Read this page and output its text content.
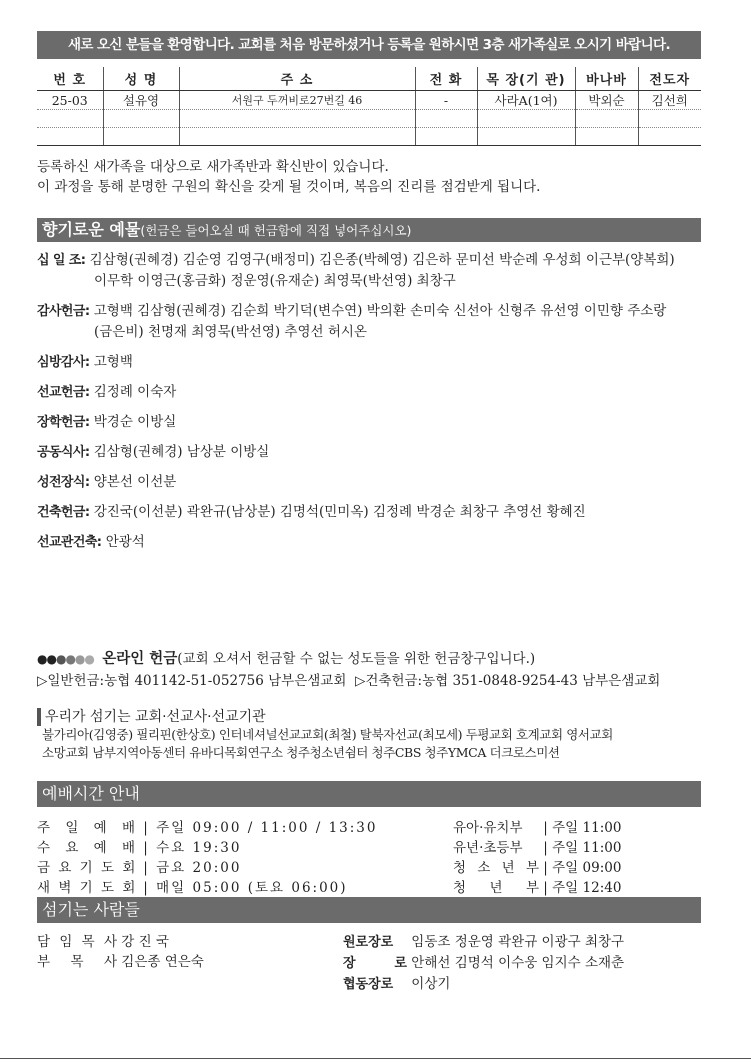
새로 오신 분들을 환영합니다. 교회를 처음 방문하셨거나 등록을 원하시면 3층 새가족실로 오시기 바랍니다.
번 호	성 명	주 소	전 화	목 장(기 관)	바나바	전도자
25-03	설유영	서원구 두꺼비로27번길 46	-	사라A(1여)	박외순	김선희

등록하신 새가족을 대상으로 새가족반과 확신반이 있습니다.
이 과정을 통해 분명한 구원의 확신을 갖게 될 것이며, 복음의 진리를 점검받게 됩니다.
향기로운 예물(헌금은 들어오실 때 헌금함에 직접 넣어주십시오)
십 일 조: 김삼형(권혜경) 김순영 김영구(배정미) 김은종(박혜영) 김은하 문미선 박순례 우성희 이근부(양복희)
이무학 이영근(홍금화) 정운영(유재순) 최영묵(박선영) 최창구
감사헌금: 고형백 김삼형(권혜경) 김순희 박기덕(변수연) 박의환 손미숙 신선아 신형주 유선영 이민향 주소랑
(금은비) 천명재 최영묵(박선영) 추영선 허시온
심방감사: 고형백
선교헌금: 김정례 이숙자
장학헌금: 박경순 이방실
공동식사: 김삼형(권혜경) 남상분 이방실
성전장식: 양본선 이선분
건축헌금: 강진국(이선분) 곽완규(남상분) 김명석(민미옥) 김정례 박경순 최창구 추영선 황혜진
선교관건축: 안광석
●●●●●● 온라인 헌금(교회 오셔서 헌금할 수 없는 성도들을 위한 헌금창구입니다.)
▷일반헌금:농협 401142-51-052756 남부은샘교회 ▷건축헌금:농협 351-0848-9254-43 남부은샘교회
우리가 섬기는 교회·선교사·선교기관
불가리아(김영중) 필리핀(한상호) 인터네셔널선교교회(최철) 탈북자선교(최모세) 두평교회 호계교회 영서교회
소망교회 남부지역아동센터 유바디목회연구소 청주청소년쉼터 청주CBS 청주YMCA 더크로스미션
예배시간 안내
주 일 예 배 | 주일 09:00 / 11:00 / 13:30
수 요 예 배 | 수요 19:30
금 요 기 도 회 | 금요 20:00
새 벽 기 도 회 | 매일 05:00 (토요 06:00)
유아·유치부 | 주일 11:00
유년·초등부 | 주일 11:00
청 소 년 부 | 주일 09:00
청 년 부 | 주일 12:40
섬기는 사람들
담 임 목 사 강 진 국
부 목 사 김은종 연은숙
원로장로 임동조 정운영 곽완규 이광구 최창구
장 로 안해선 김명석 이수웅 임지수 소재춘
협동장로 이상기
